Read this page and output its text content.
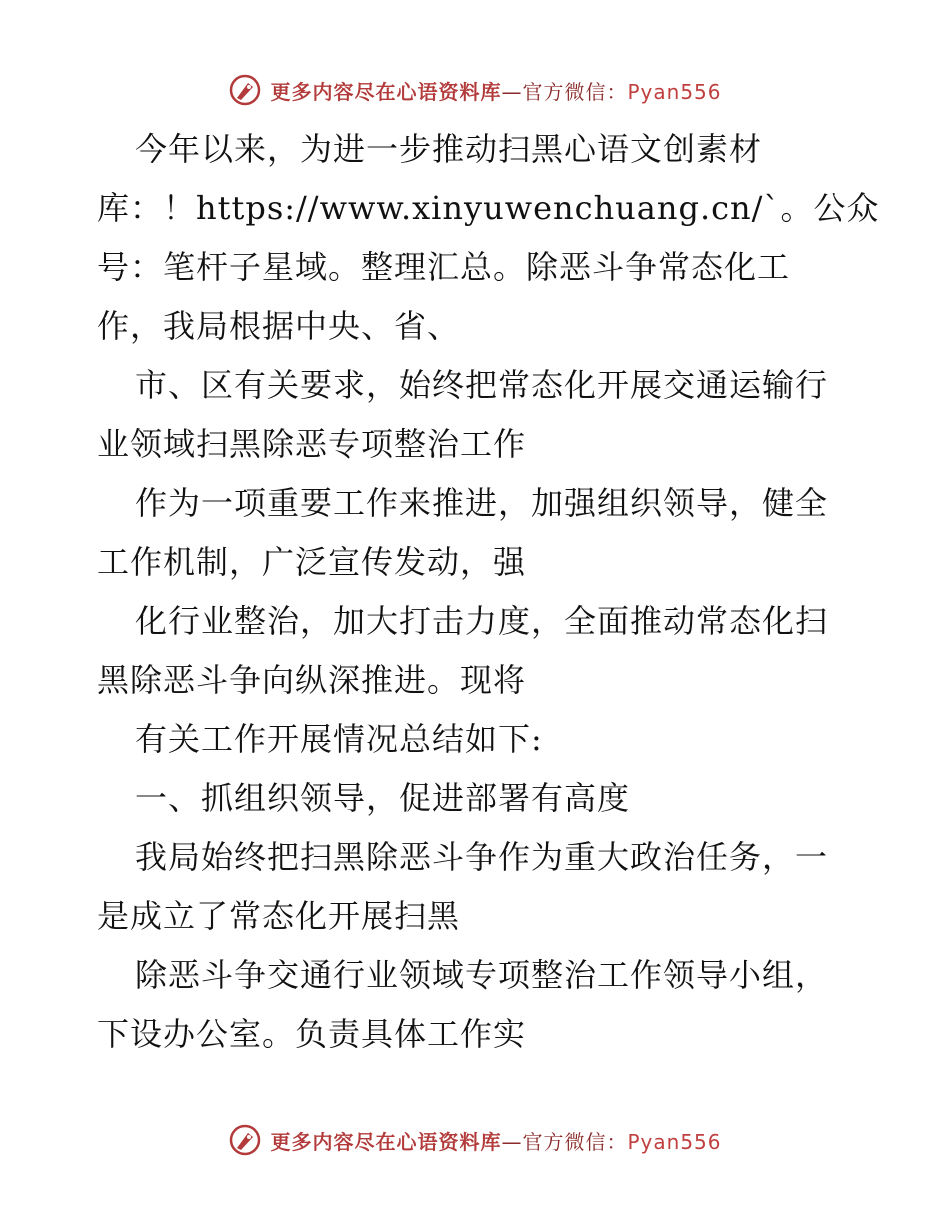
更多内容尽在心语资料库—官方微信：Pyan556

今年以来，为进一步推动扫黑心语文创素材

库：！https://www.xinyuwenchuang.cn/`。公众

号：笔杆子星域。整理汇总。除恶斗争常态化工

作，我局根据中央、省、

市、区有关要求，始终把常态化开展交通运输行

业领域扫黑除恶专项整治工作

作为一项重要工作来推进，加强组织领导，健全

工作机制，广泛宣传发动，强

化行业整治，加大打击力度，全面推动常态化扫

黑除恶斗争向纵深推进。现将

有关工作开展情况总结如下:

一、抓组织领导，促进部署有高度

我局始终把扫黑除恶斗争作为重大政治任务，一

是成立了常态化开展扫黑

除恶斗争交通行业领域专项整治工作领导小组，

下设办公室。负责具体工作实

更多内容尽在心语资料库—官方微信：Pyan556
